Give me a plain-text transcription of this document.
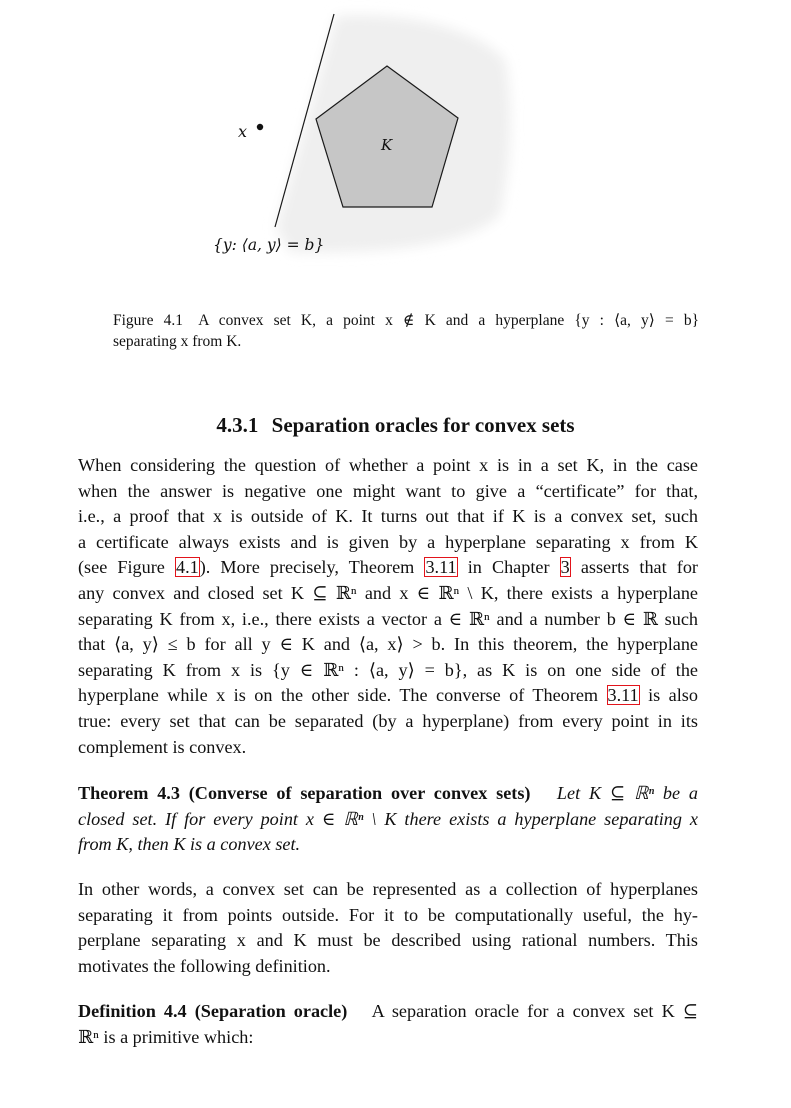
x
K
{y: ⟨a, y⟩ = b}
Figure 4.1 A convex set K, a point x ∉ K and a hyperplane {y : ⟨a, y⟩ = b}
separating x from K.
4.3.1 Separation oracles for convex sets
When considering the question of whether a point x is in a set K, in the case
when the answer is negative one might want to give a “certificate” for that,
i.e., a proof that x is outside of K. It turns out that if K is a convex set, such
a certificate always exists and is given by a hyperplane separating x from K
(see Figure 4.1). More precisely, Theorem 3.11 in Chapter 3 asserts that for
any convex and closed set K ⊆ ℝⁿ and x ∈ ℝⁿ \ K, there exists a hyperplane
separating K from x, i.e., there exists a vector a ∈ ℝⁿ and a number b ∈ ℝ such
that ⟨a, y⟩ ≤ b for all y ∈ K and ⟨a, x⟩ > b. In this theorem, the hyperplane
separating K from x is {y ∈ ℝⁿ : ⟨a, y⟩ = b}, as K is on one side of the
hyperplane while x is on the other side. The converse of Theorem 3.11 is also
true: every set that can be separated (by a hyperplane) from every point in its
complement is convex.
Theorem 4.3 (Converse of separation over convex sets) Let K ⊆ ℝⁿ be a
closed set. If for every point x ∈ ℝⁿ \ K there exists a hyperplane separating x
from K, then K is a convex set.
In other words, a convex set can be represented as a collection of hyperplanes
separating it from points outside. For it to be computationally useful, the hy-
perplane separating x and K must be described using rational numbers. This
motivates the following definition.
Definition 4.4 (Separation oracle) A separation oracle for a convex set K ⊆
ℝⁿ is a primitive which:
